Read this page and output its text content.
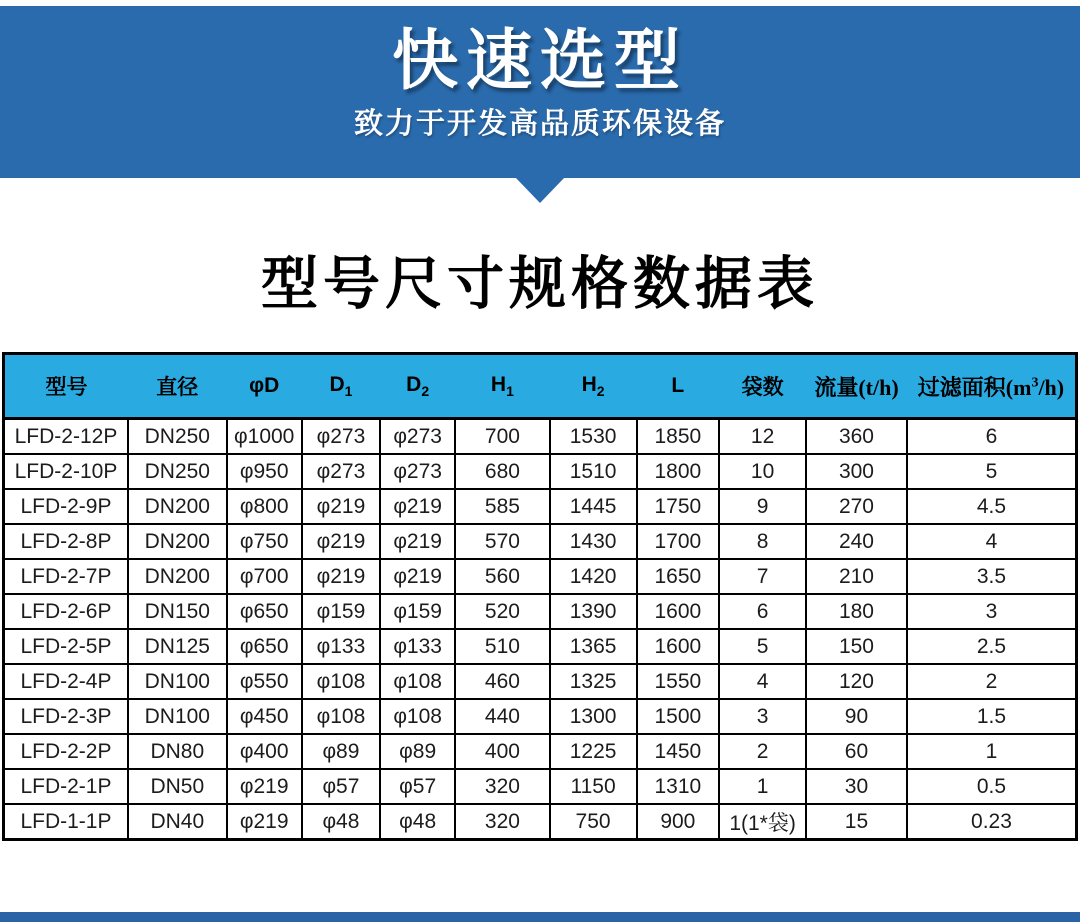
快速选型

致力于开发高品质环保设备

型号尺寸规格数据表
型号	直径	φD	$D_1$	$D_2$	$H_1$	$H_2$	L	袋数	流量(t/h)	过滤面积$(m^3/h)$
LFD-2-12P	DN250	φ1000	φ273	φ273	700	1530	1850	12	360	6
LFD-2-10P	DN250	φ950	φ273	φ273	680	1510	1800	10	300	5
LFD-2-9P	DN200	φ800	φ219	φ219	585	1445	1750	9	270	4.5
LFD-2-8P	DN200	φ750	φ219	φ219	570	1430	1700	8	240	4
LFD-2-7P	DN200	φ700	φ219	φ219	560	1420	1650	7	210	3.5
LFD-2-6P	DN150	φ650	φ159	φ159	520	1390	1600	6	180	3
LFD-2-5P	DN125	φ650	φ133	φ133	510	1365	1600	5	150	2.5
LFD-2-4P	DN100	φ550	φ108	φ108	460	1325	1550	4	120	2
LFD-2-3P	DN100	φ450	φ108	φ108	440	1300	1500	3	90	1.5
LFD-2-2P	DN80	φ400	φ89	φ89	400	1225	1450	2	60	1
LFD-2-1P	DN50	φ219	φ57	φ57	320	1150	1310	1	30	0.5
LFD-1-1P	DN40	φ219	φ48	φ48	320	750	900	1(1*袋)	15	0.23
